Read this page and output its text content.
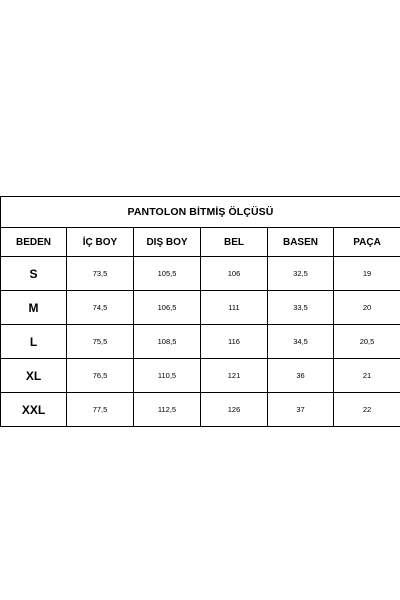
PANTOLON BİTMİŞ ÖLÇÜSÜ					
BEDEN	İÇ BOY	DIŞ BOY	BEL	BASEN	PAÇA
S	73,5	105,5	106	32,5	19
M	74,5	106,5	111	33,5	20
L	75,5	108,5	116	34,5	20,5
XL	76,5	110,5	121	36	21
XXL	77,5	112,5	126	37	22
